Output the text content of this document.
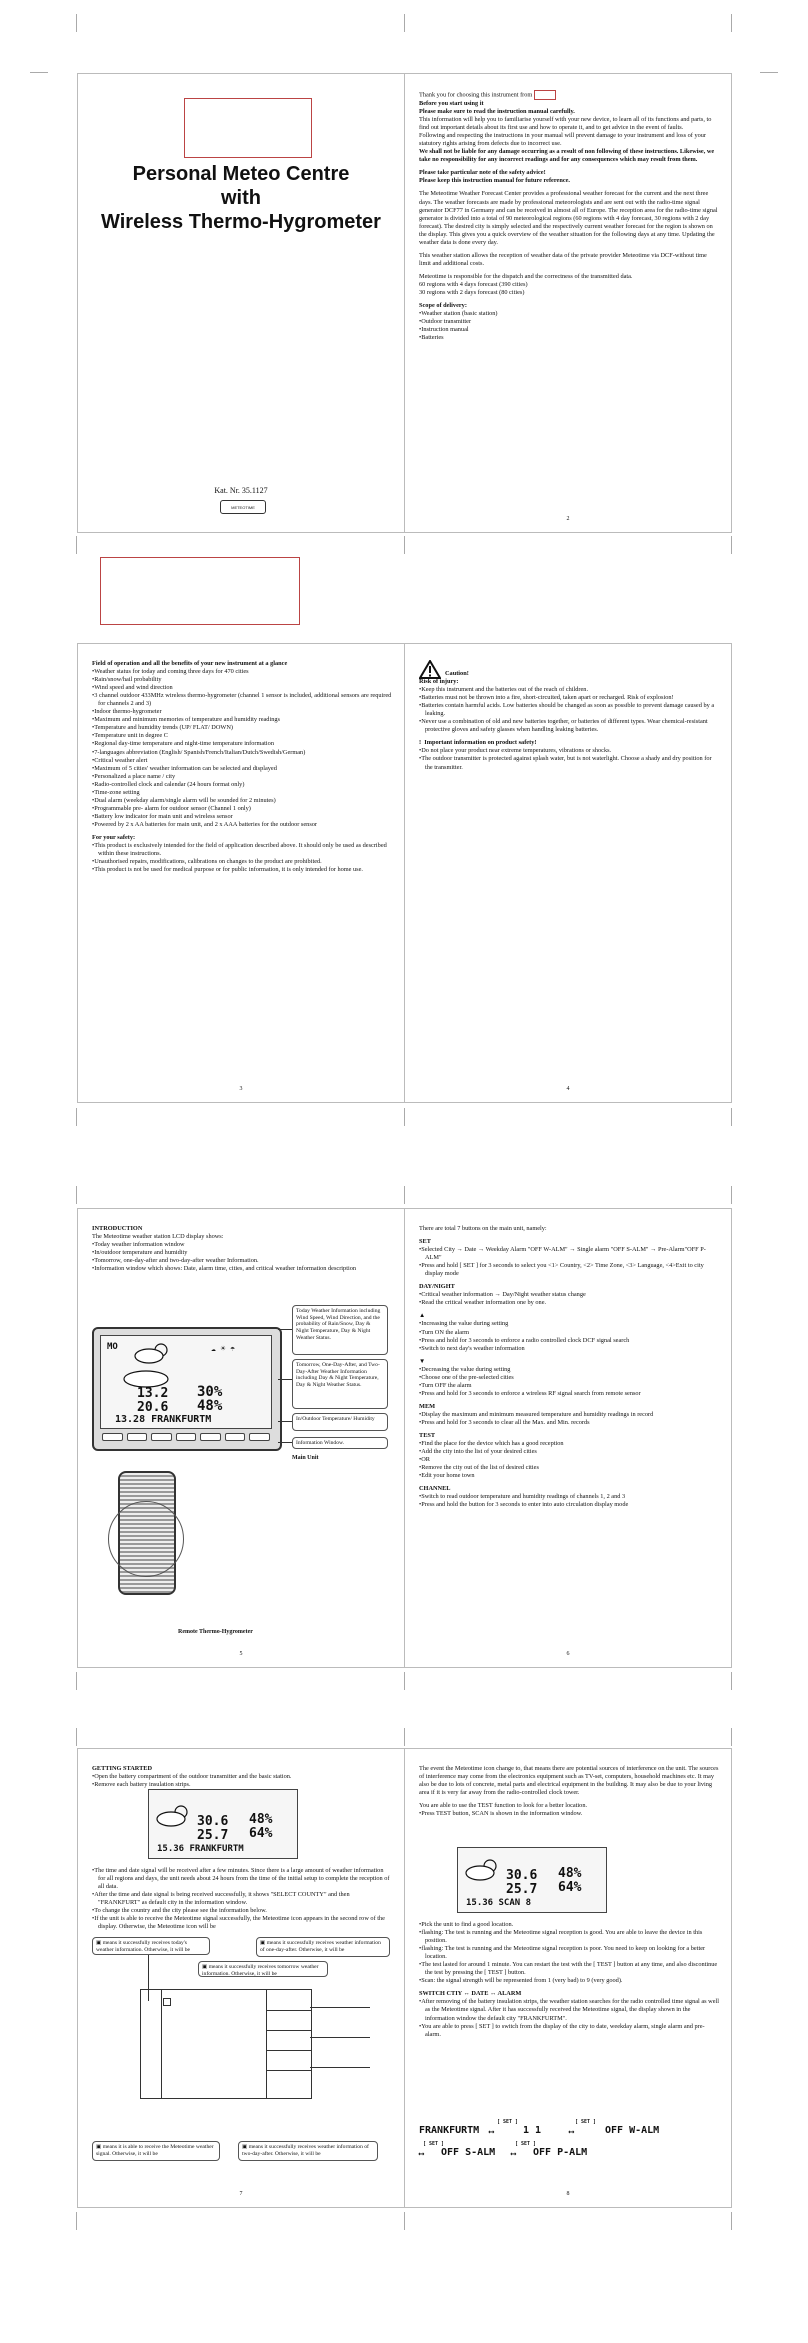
Personal Meteo Centre
with
Wireless Thermo-Hygrometer
Kat. Nr. 35.1127
METEOTIME

Thank you for choosing this instrument from

Before you start using it

Please make sure to read the instruction manual carefully.

This information will help you to familiarise yourself with your new device, to learn all of its functions and parts, to find out important details about its first use and how to operate it, and to get advice in the event of faults.

Following and respecting the instructions in your manual will prevent damage to your instrument and loss of your statutory rights arising from defects due to incorrect use.

We shall not be liable for any damage occurring as a result of non following of these instructions. Likewise, we take no responsibility for any incorrect readings and for any consequences which may result from them.

Please take particular note of the safety advice!

Please keep this instruction manual for future reference.

The Meteotime Weather Forecast Center provides a professional weather forecast for the current and the next three days. The weather forecasts are made by professional meteorologists and are sent out with the radio-time signal generator DCF77 in Germany and can be received in almost all of Europe. The reception area for the radio-time signal generator is divided into a total of 90 meteorological regions (60 regions with 4 day forecast, 30 regions with 2 day forecast). The desired city is simply selected and the respectively current weather forecast for the region is shown on the display. This gives you a quick overview of the weather situation for the following days at any time. Updating the weather data is done every day.

This weather station allows the reception of weather data of the private provider Meteotime via DCF-without time limit and additional costs.

Meteotime is responsible for the dispatch and the correctness of the transmitted data.

60 regions with 4 days forecast (390 cities)

30 regions with 2 days forecast (80 cities)

Scope of delivery:
• Weather station (basic station)
• Outdoor transmitter
• Instruction manual
• Batteries
2
Field of operation and all the benefits of your new instrument at a glance
• Weather status for today and coming three days for 470 cities
• Rain/snow/hail probability
• Wind speed and wind direction
• 3 channel outdoor 433MHz wireless thermo-hygrometer (channel 1 sensor is included, additional sensors are required for channels 2 and 3)
• Indoor thermo-hygrometer
• Maximum and minimum memories of temperature and humidity readings
• Temperature and humidity trends (UP/ FLAT/ DOWN)
• Temperature unit in degree C
• Regional day-time temperature and night-time temperature information
• 7-languages abbreviation (English/ Spanish/French/Italian/Dutch/Swedish/German)
• Critical weather alert
• Maximum of 5 cities' weather information can be selected and displayed
• Personalized a place name / city
• Radio-controlled clock and calendar (24 hours format only)
• Time-zone setting
• Dual alarm (weekday alarm/single alarm will be sounded for 2 minutes)
• Programmable pre- alarm for outdoor sensor (Channel 1 only)
• Battery low indicator for main unit and wireless sensor
• Powered by 2 x AA batteries for main unit, and 2 x AAA batteries for the outdoor sensor
For your safety:
• This product is exclusively intended for the field of application described above. It should only be used as described within these instructions.
• Unauthorised repairs, modifications, calibrations on changes to the product are prohibited.
• This product is not be used for medical purpose or for public information, it is only intended for home use.
3
Caution!
Risk of injury:
• Keep this instrument and the batteries out of the reach of children.
• Batteries must not be thrown into a fire, short-circuited, taken apart or recharged. Risk of explosion!
• Batteries contain harmful acids. Low batteries should be changed as soon as possible to prevent damage caused by a leaking.
• Never use a combination of old and new batteries together, or batteries of different types. Wear chemical-resistant protective gloves and safety glasses when handling leaking batteries.
! Important information on product safety!
• Do not place your product near extreme temperatures, vibrations or shocks.
• The outdoor transmitter is protected against splash water, but is not waterlight. Choose a shady and dry position for the transmitter.
4
INTRODUCTION
The Meteotime weather station LCD display shows:
• Today weather information window
• In/outdoor temperature and humidity
• Tomorrow, one-day-after and two-day-after weather Information.
• Information window which shows: Date, alarm time, cities, and critical weather information description
MO
13.2 30%
20.6 48%
13.28 FRANKFURTM
☁ ☀ ☂
Today Weather Information including Wind Speed, Wind Direction, and the probability of Rain/Snow, Day & Night Temperature, Day & Night Weather Status.
Tomorrow, One-Day-After, and Two-Day-After Weather Information including Day & Night Temperature, Day & Night Weather Status.
In/Outdoor Temperature/ Humidity
Information Window.
Main Unit
Remote Thermo-Hygrometer
5

There are total 7 buttons on the main unit, namely:

SET
• Selected City → Date → Weekday Alarm "OFF W-ALM" → Single alarm "OFF S-ALM" → Pre-Alarm"OFF P-ALM"
• Press and hold [ SET ] for 3 seconds to select you <1> Country, <2> Time Zone, <3> Language, <4>Exit to city display mode
DAY/NIGHT
• Critical weather information → Day/Night weather status change
• Read the critical weather information one by one.
▲
• Increasing the value during setting
• Turn ON the alarm
• Press and hold for 3 seconds to enforce a radio controlled clock DCF signal search
• Switch to next day's weather information
▼
• Decreasing the value during setting
• Choose one of the pre-selected cities
• Turn OFF the alarm
• Press and hold for 3 seconds to enforce a wireless RF signal search from remote sensor
MEM
• Display the maximum and minimum measured temperature and humidity readings in record
• Press and hold for 3 seconds to clear all the Max. and Min. records
TEST
• Find the place for the device which has a good reception
• Add the city into the list of your desired cities
• OR
• Remove the city out of the list of desired cities
• Edit your home town
CHANNEL
• Switch to read outdoor temperature and humidity readings of channels 1, 2 and 3
• Press and hold the button for 3 seconds to enter into auto circulation display mode
6
GETTING STARTED
• Open the battery compartment of the outdoor transmitter and the basic station.
• Remove each battery insulation strips.
30.6 48%
25.7 64%
15.36 FRANKFURTM
• The time and date signal will be received after a few minutes. Since there is a large amount of weather information for all regions and days, the unit needs about 24 hours from the time of the initial setup to complete the reception of all data.
• After the time and date signal is being received successfully, it shows "SELECT COUNTY" and then "FRANKFURT" as default city in the information window.
• To change the country and the city please see the information below.
• If the unit is able to receive the Meteotime signal successfully, the Meteotime icon appears in the second row of the display. Otherwise, the Meteotime icon will be
▣ means it successfully receives today's weather information. Otherwise, it will be
▣ means it successfully receives weather information of one-day-after. Otherwise, it will be
▣ means it successfully receives tomorrow weather information. Otherwise, it will be
▣ means it is able to receive the Meteotime weather signal. Otherwise, it will be
▣ means it successfully receives weather information of two-day-after. Otherwise, it will be
7

The event the Meteotime icon change to, that means there are potential sources of interference on the unit. The sources of interference may come from the electronics equipment such as TV-set, computers, household machines etc. It may also be due to lots of concrete, metal parts and electrical equipment in the building. It may also be due to your living area if it is very far away from the radio-controlled clock tower.

You are able to use the TEST function to look for a better location.

• Press TEST button, SCAN is shown in the information window.
30.6 48%
25.7 64%
15.36 SCAN 8
• Pick the unit to find a good location.
• flashing: The test is running and the Meteotime signal reception is good. You are able to leave the device in this position.
• flashing: The test is running and the Meteotime signal reception is poor. You need to keep on looking for a better location.
• The test lasted for around 1 minute. You can restart the test with the [ TEST ] button at any time, and also discontinue the test by pressing the [ TEST ] button.
• Scan: the signal strength will be represented from 1 (very bad) to 9 (very good).
SWITCH CTIY ↔ DATE ↔ ALARM
• After removing of the battery insulation strips, the weather station searches for the radio controlled time signal as well as the Meteotime signal. After it has successfully received the Meteotime signal, the display shown in the information window the default city "FRANKFURTM".
• You are able to press [ SET ] to switch from the display of the city to date, weekday alarm, single alarm and pre-alarm.
FRANKFURTM
[ SET ]
⟷	1 1
[ SET ]
⟷	OFF W-ALM
[ SET ]
⟷ OFF S-ALM
[ SET ]
⟷ OFF P-ALM
8
